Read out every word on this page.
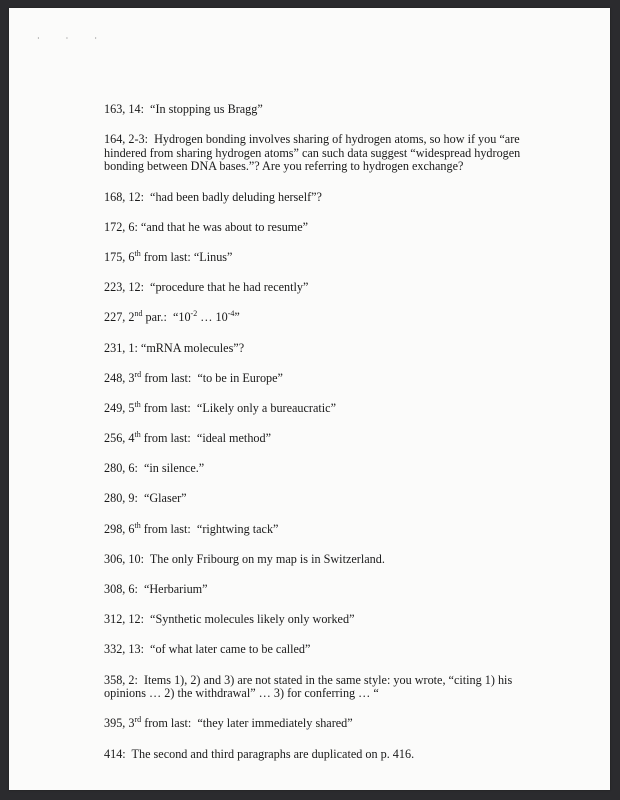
· · ·
163, 14: “In stopping us Bragg”
164, 2-3: Hydrogen bonding involves sharing of hydrogen atoms, so how if you “are hindered from sharing hydrogen atoms” can such data suggest “widespread hydrogen bonding between DNA bases.”? Are you referring to hydrogen exchange?
168, 12: “had been badly deluding herself”?
172, 6: “and that he was about to resume”
175, 6th from last: “Linus”
223, 12: “procedure that he had recently”
227, 2nd par.: “$10^{-2}$ … $10^{-4}$”
231, 1: “mRNA molecules”?
248, 3rd from last: “to be in Europe”
249, 5th from last: “Likely only a bureaucratic”
256, 4th from last: “ideal method”
280, 6: “in silence.”
280, 9: “Glaser”
298, 6th from last: “rightwing tack”
306, 10: The only Fribourg on my map is in Switzerland.
308, 6: “Herbarium”
312, 12: “Synthetic molecules likely only worked”
332, 13: “of what later came to be called”
358, 2: Items 1), 2) and 3) are not stated in the same style: you wrote, “citing 1) his opinions … 2) the withdrawal” … 3) for conferring … “
395, 3rd from last: “they later immediately shared”
414: The second and third paragraphs are duplicated on p. 416.
